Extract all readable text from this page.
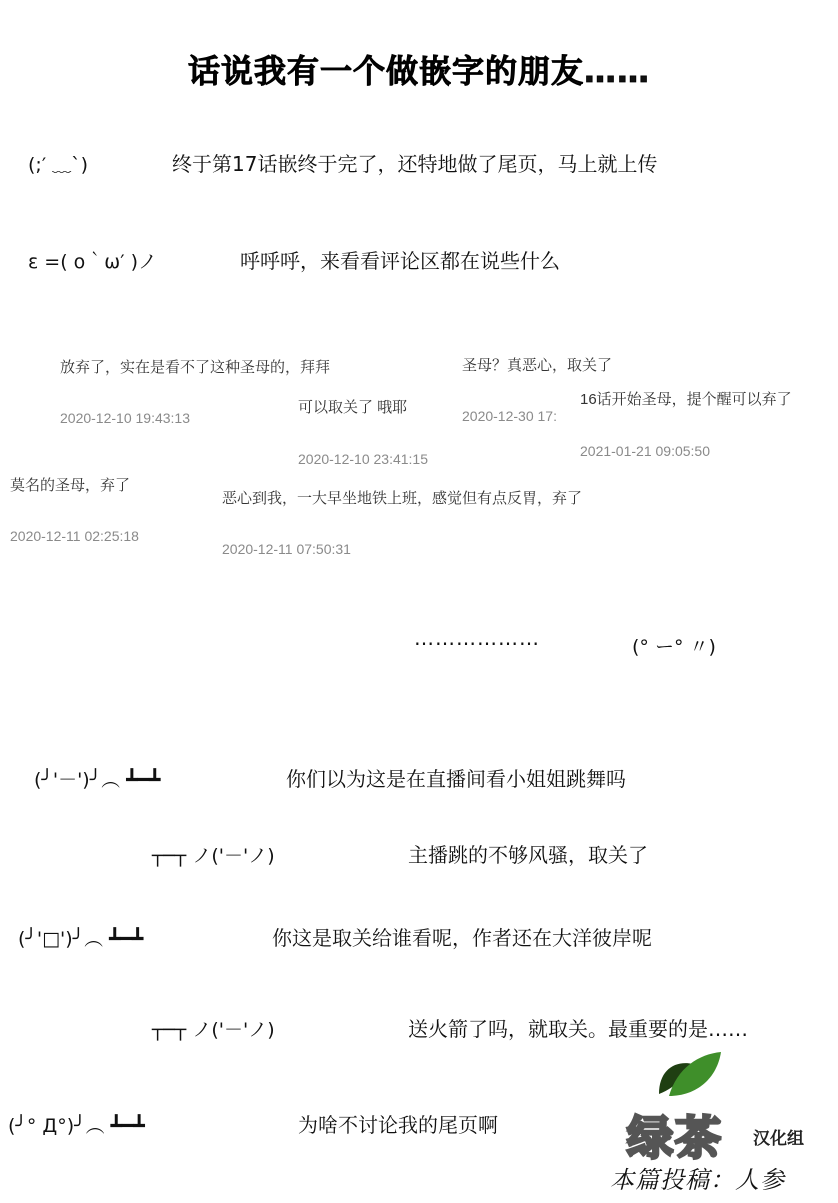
话说我有一个做嵌字的朋友……
(;′ ﹏`)	终于第17话嵌终于完了，还特地做了尾页，马上就上传
ε =( ο｀ω′ )ノ	呼呼呼，来看看评论区都在说些什么
放弃了，实在是看不了这种圣母的，拜拜
2020-12-10 19:43:13
可以取关了 哦耶
2020-12-10 23:41:15
圣母？真恶心，取关了
2020-12-30 17:
16话开始圣母，提个醒可以弃了
2021-01-21 09:05:50
莫名的圣母，弃了
2020-12-11 02:25:18
恶心到我，一大早坐地铁上班，感觉但有点反胃，弃了
2020-12-11 07:50:31
………………	(° ー° 〃)
(╯'－')╯︵ ┻━┻	你们以为这是在直播间看小姐姐跳舞吗
┬─┬ ノ('－'ノ)	主播跳的不够风骚，取关了
(╯'□')╯︵ ┻━┻	你这是取关给谁看呢，作者还在大洋彼岸呢
┬─┬ ノ('－'ノ)	送火箭了吗，就取关。最重要的是……
(╯° Д°)╯︵ ┻━┻	为啥不讨论我的尾页啊	绿茶 汉化组
本篇投稿：人参
